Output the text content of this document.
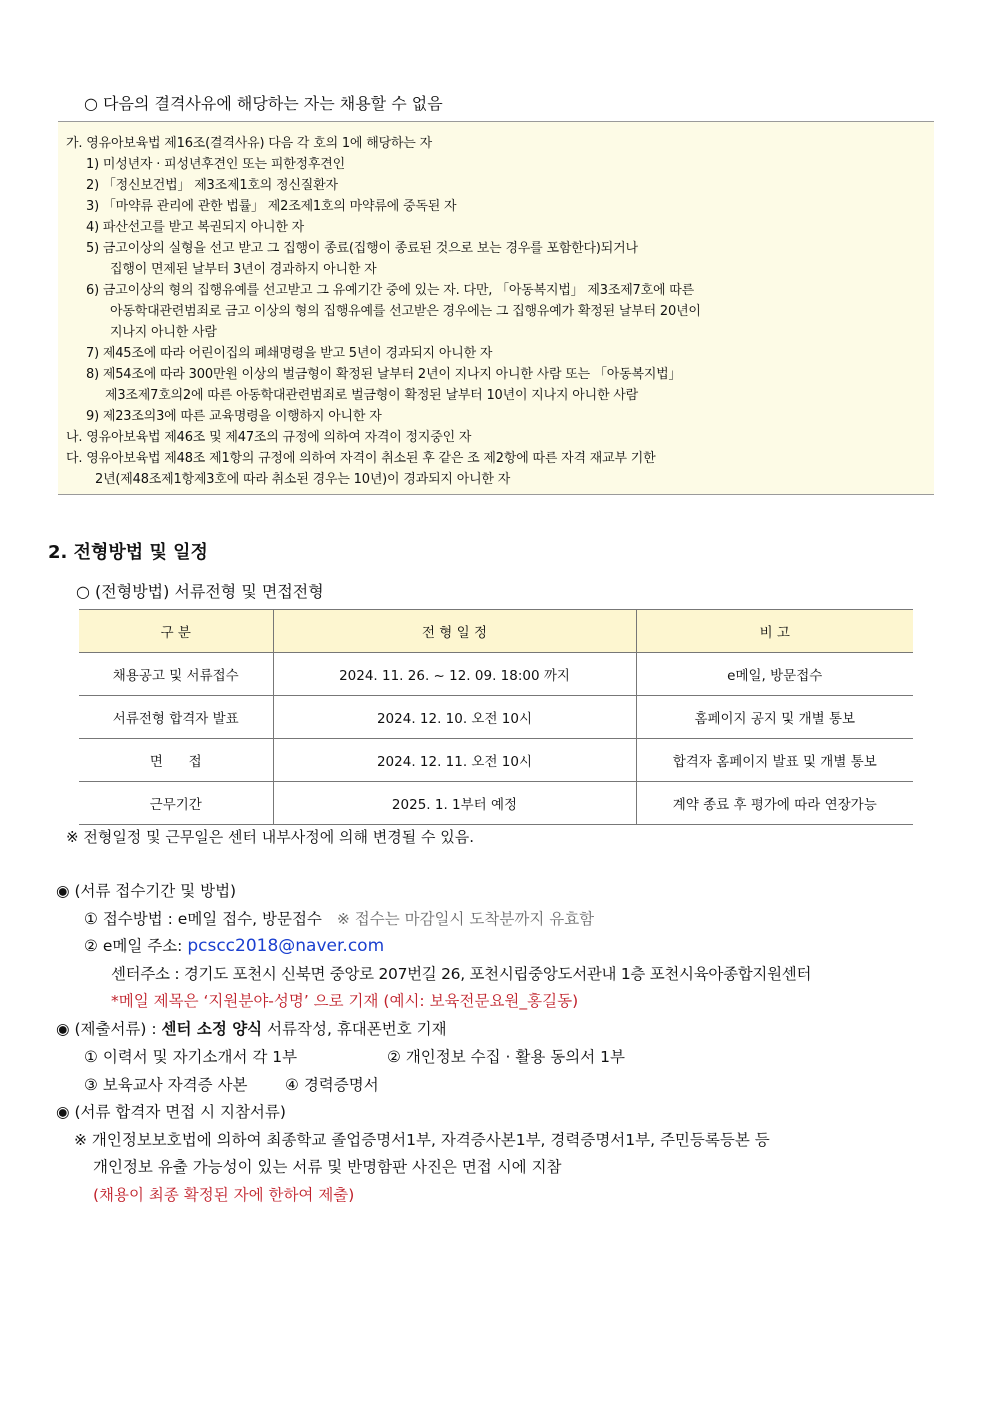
○ 다음의 결격사유에 해당하는 자는 채용할 수 없음
가. 영유아보육법 제16조(결격사유) 다음 각 호의 1에 해당하는 자
1) 미성년자 · 피성년후견인 또는 피한정후견인
2) 「정신보건법」 제3조제1호의 정신질환자
3) 「마약류 관리에 관한 법률」 제2조제1호의 마약류에 중독된 자
4) 파산선고를 받고 복권되지 아니한 자
5) 금고이상의 실형을 선고 받고 그 집행이 종료(집행이 종료된 것으로 보는 경우를 포함한다)되거나
집행이 면제된 날부터 3년이 경과하지 아니한 자
6) 금고이상의 형의 집행유예를 선고받고 그 유예기간 중에 있는 자. 다만, 「아동복지법」 제3조제7호에 따른
아동학대관련범죄로 금고 이상의 형의 집행유예를 선고받은 경우에는 그 집행유예가 확정된 날부터 20년이
지나지 아니한 사람
7) 제45조에 따라 어린이집의 폐쇄명령을 받고 5년이 경과되지 아니한 자
8) 제54조에 따라 300만원 이상의 벌금형이 확정된 날부터 2년이 지나지 아니한 사람 또는 「아동복지법」
제3조제7호의2에 따른 아동학대관련범죄로 벌금형이 확정된 날부터 10년이 지나지 아니한 사람
9) 제23조의3에 따른 교육명령을 이행하지 아니한 자
나. 영유아보육법 제46조 및 제47조의 규정에 의하여 자격이 정지중인 자
다. 영유아보육법 제48조 제1항의 규정에 의하여 자격이 취소된 후 같은 조 제2항에 따른 자격 재교부 기한
2년(제48조제1항제3호에 따라 취소된 경우는 10년)이 경과되지 아니한 자
2. 전형방법 및 일정
○ (전형방법) 서류전형 및 면접전형
구 분	전 형 일 정	비 고
채용공고 및 서류접수	2024. 11. 26. ~ 12. 09. 18:00 까지	e메일, 방문접수
서류전형 합격자 발표	2024. 12. 10. 오전 10시	홈페이지 공지 및 개별 통보
면      접	2024. 12. 11. 오전 10시	합격자 홈페이지 발표 및 개별 통보
근무기간	2025. 1. 1부터 예정	계약 종료 후 평가에 따라 연장가능
※ 전형일정 및 근무일은 센터 내부사정에 의해 변경될 수 있음.
◉ (서류 접수기간 및 방법)
① 접수방법 : e메일 접수, 방문접수 ※ 접수는 마감일시 도착분까지 유효함
② e메일 주소: pcscc2018@naver.com
센터주소 : 경기도 포천시 신북면 중앙로 207번길 26, 포천시립중앙도서관내 1층 포천시육아종합지원센터
*메일 제목은 ‘지원분야-성명’ 으로 기재 (예시: 보육전문요원_홍길동)
◉ (제출서류) : 센터 소정 양식 서류작성, 휴대폰번호 기재
① 이력서 및 자기소개서 각 1부	② 개인정보 수집 · 활용 동의서 1부
③ 보육교사 자격증 사본 ④ 경력증명서
◉ (서류 합격자 면접 시 지참서류)
※ 개인정보보호법에 의하여 최종학교 졸업증명서1부, 자격증사본1부, 경력증명서1부, 주민등록등본 등
개인정보 유출 가능성이 있는 서류 및 반명함판 사진은 면접 시에 지참
(채용이 최종 확정된 자에 한하여 제출)
